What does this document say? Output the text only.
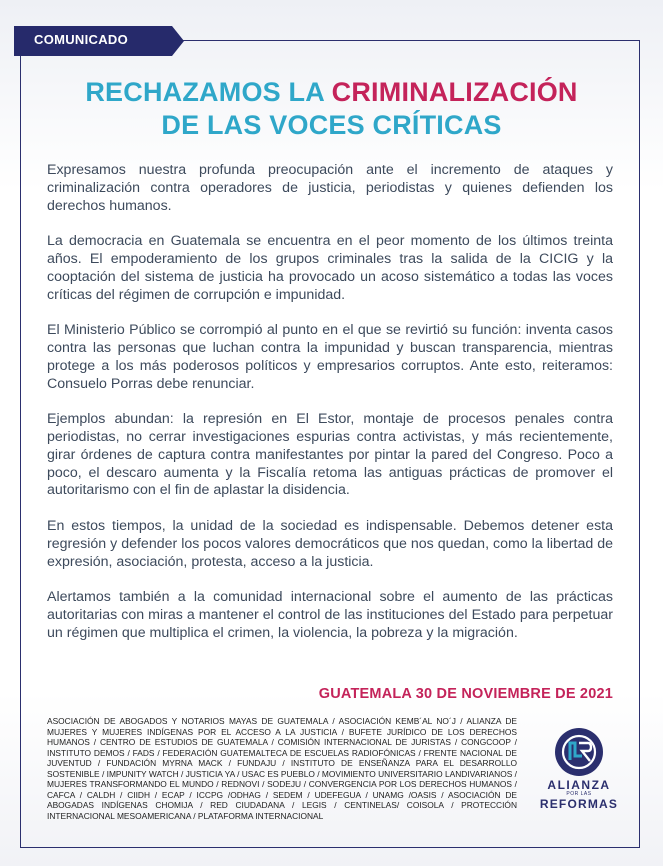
COMUNICADO
RECHAZAMOS LA CRIMINALIZACIÓN
DE LAS VOCES CRÍTICAS

Expresamos nuestra profunda preocupación ante el incremento de ataques y criminalización contra operadores de justicia, periodistas y quienes defienden los derechos humanos.

La democracia en Guatemala se encuentra en el peor momento de los últimos treinta años. El empoderamiento de los grupos criminales tras la salida de la CICIG y la cooptación del sistema de justicia ha provocado un acoso sistemático a todas las voces críticas del régimen de corrupción e impunidad.

El Ministerio Público se corrompió al punto en el que se revirtió su función: inventa casos contra las personas que luchan contra la impunidad y buscan transparencia, mientras protege a los más poderosos políticos y empresarios corruptos. Ante esto, reiteramos: Consuelo Porras debe renunciar.

Ejemplos abundan: la represión en El Estor, montaje de procesos penales contra periodistas, no cerrar investigaciones espurias contra activistas, y más recientemente, girar órdenes de captura contra manifestantes por pintar la pared del Congreso. Poco a poco, el descaro aumenta y la Fiscalía retoma las antiguas prácticas de promover el autoritarismo con el fin de aplastar la disidencia.

En estos tiempos, la unidad de la sociedad es indispensable. Debemos detener esta regresión y defender los pocos valores democráticos que nos quedan, como la libertad de expresión, asociación, protesta, acceso a la justicia.

Alertamos también a la comunidad internacional sobre el aumento de las prácticas autoritarias con miras a mantener el control de las instituciones del Estado para perpetuar un régimen que multiplica el crimen, la violencia, la pobreza y la migración.

GUATEMALA 30 DE NOVIEMBRE DE 2021
ASOCIACIÓN DE ABOGADOS Y NOTARIOS MAYAS DE GUATEMALA / ASOCIACIÓN KEMB´AL NO´J / ALIANZA DE MUJERES Y MUJERES INDÍGENAS POR EL ACCESO A LA JUSTICIA / BUFETE JURÍDICO DE LOS DERECHOS HUMANOS / CENTRO DE ESTUDIOS DE GUATEMALA / COMISIÓN INTERNACIONAL DE JURISTAS / CONGCOOP / INSTITUTO DEMOS / FADS / FEDERACIÓN GUATEMALTECA DE ESCUELAS RADIOFÓNICAS / FRENTE NACIONAL DE JUVENTUD / FUNDACIÓN MYRNA MACK / FUNDAJU / INSTITUTO DE ENSEÑANZA PARA EL DESARROLLO SOSTENIBLE / IMPUNITY WATCH / JUSTICIA YA / USAC ES PUEBLO / MOVIMIENTO UNIVERSITARIO LANDIVARIANOS / MUJERES TRANSFORMANDO EL MUNDO / REDNOVI / SODEJU / CONVERGENCIA POR LOS DERECHOS HUMANOS / CAFCA / CALDH / CIIDH / ECAP / ICCPG /ODHAG / SEDEM / UDEFEGUA / UNAMG /OASIS / ASOCIACIÓN DE ABOGADAS INDÍGENAS CHOMIJA / RED CIUDADANA / LEGIS / CENTINELAS/ COISOLA / PROTECCIÓN INTERNACIONAL MESOAMERICANA / PLATAFORMA INTERNACIONAL
ALIANZA
POR LAS
REFORMAS
